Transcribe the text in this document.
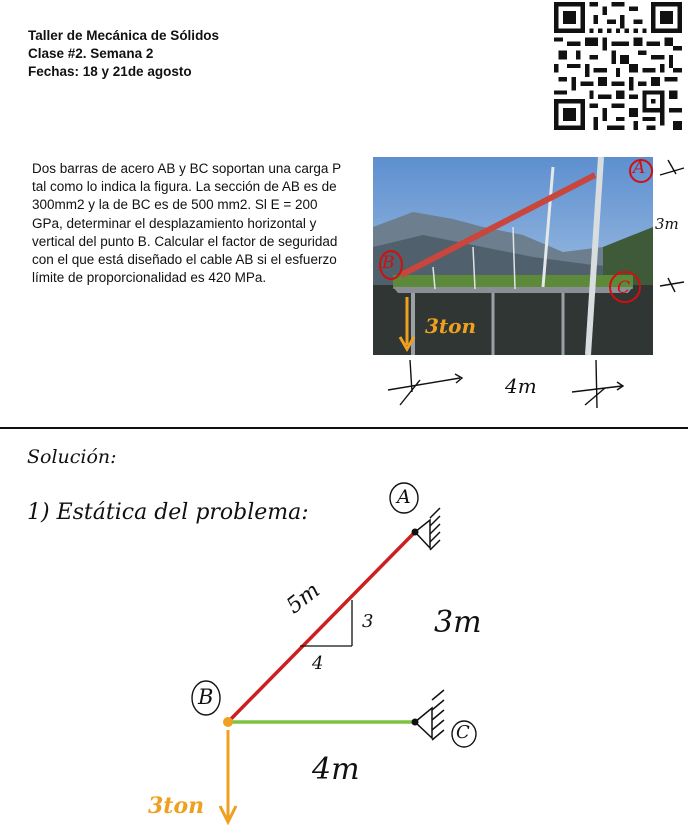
Taller de Mecánica de Sólidos
Clase #2. Semana 2
Fechas: 18 y 21de agosto
Dos barras de acero AB y BC soportan una carga P tal como lo indica la figura. La sección de AB es de 300mm2 y la de BC es de 500 mm2. Sl E = 200 GPa, determinar el desplazamiento horizontal y vertical del punto B. Calcular el factor de seguridad con el que está diseñado el cable AB si el esfuerzo límite de proporcionalidad es 420 MPa.
A
B
C
3m
3ton
4m
Solución:
1) Estática del problema:
A
B
C
5m
3
4
3m
4m
3ton
